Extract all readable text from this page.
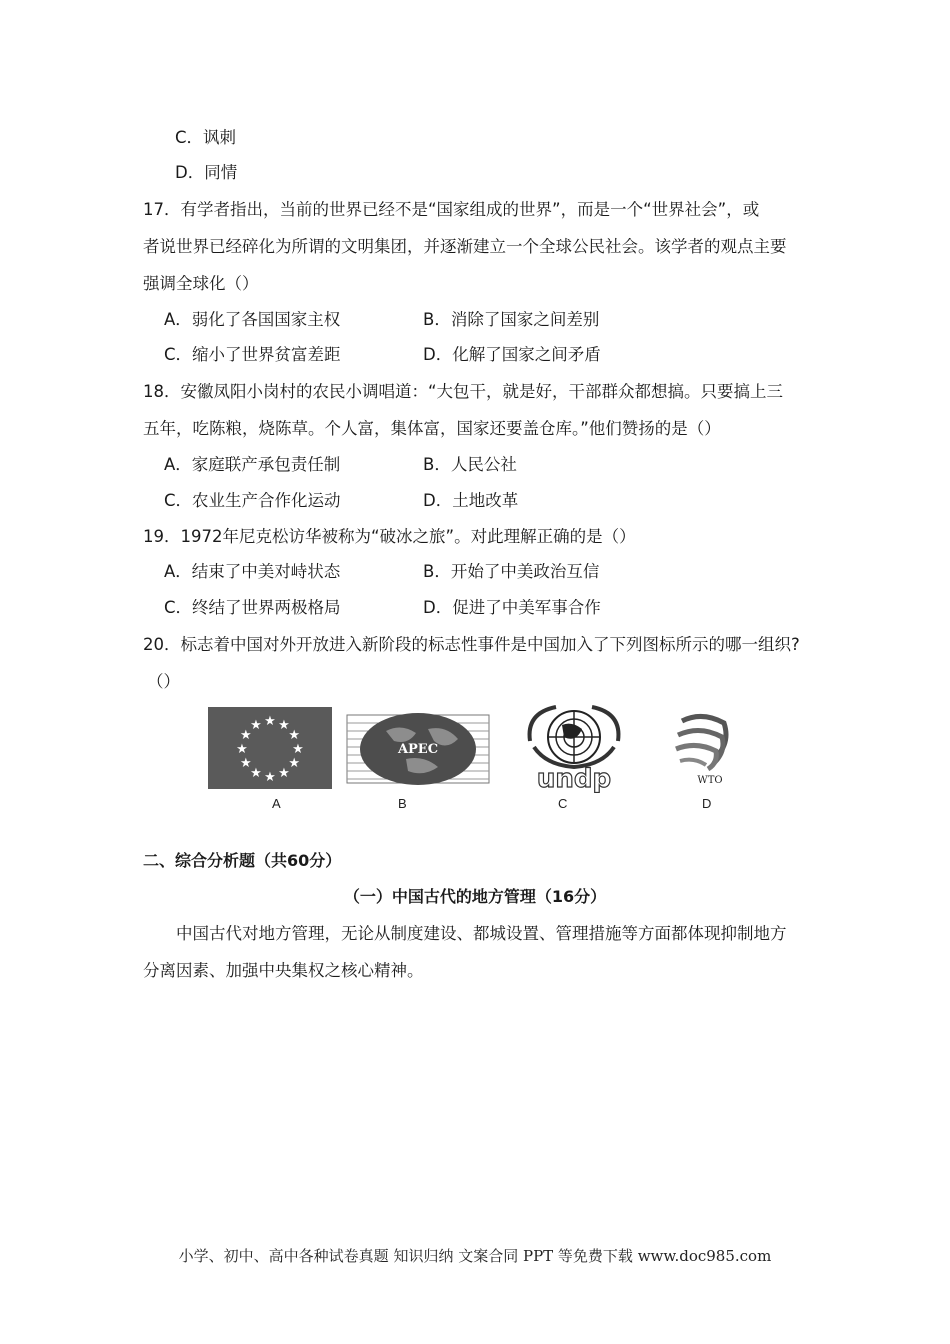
C．讽刺
D．同情
17．有学者指出，当前的世界已经不是“国家组成的世界”，而是一个“世界社会”，或
者说世界已经碎化为所谓的文明集团，并逐渐建立一个全球公民社会。该学者的观点主要
强调全球化（）
A．弱化了各国国家主权	B．消除了国家之间差别
C．缩小了世界贫富差距	D．化解了国家之间矛盾
18．安徽凤阳小岗村的农民小调唱道：“大包干，就是好，干部群众都想搞。只要搞上三
五年，吃陈粮，烧陈草。个人富，集体富，国家还要盖仓库。”他们赞扬的是（）
A．家庭联产承包责任制	B．人民公社
C．农业生产合作化运动	D．土地改革
19．1972年尼克松访华被称为“破冰之旅”。对此理解正确的是（）
A．结束了中美对峙状态	B．开始了中美政治互信
C．终结了世界两极格局	D．促进了中美军事合作
20．标志着中国对外开放进入新阶段的标志性事件是中国加入了下列图标所示的哪一组织?
（）
★ ★
★
★
★
★
★
★
★
★
★
★
APEC
undp	WTO
A	B	C	D
二、综合分析题（共60分）
（一）中国古代的地方管理（16分）
中国古代对地方管理，无论从制度建设、都城设置、管理措施等方面都体现抑制地方
分离因素、加强中央集权之核心精神。
小学、初中、高中各种试卷真题 知识归纳 文案合同 PPT 等免费下载 www.doc985.com
